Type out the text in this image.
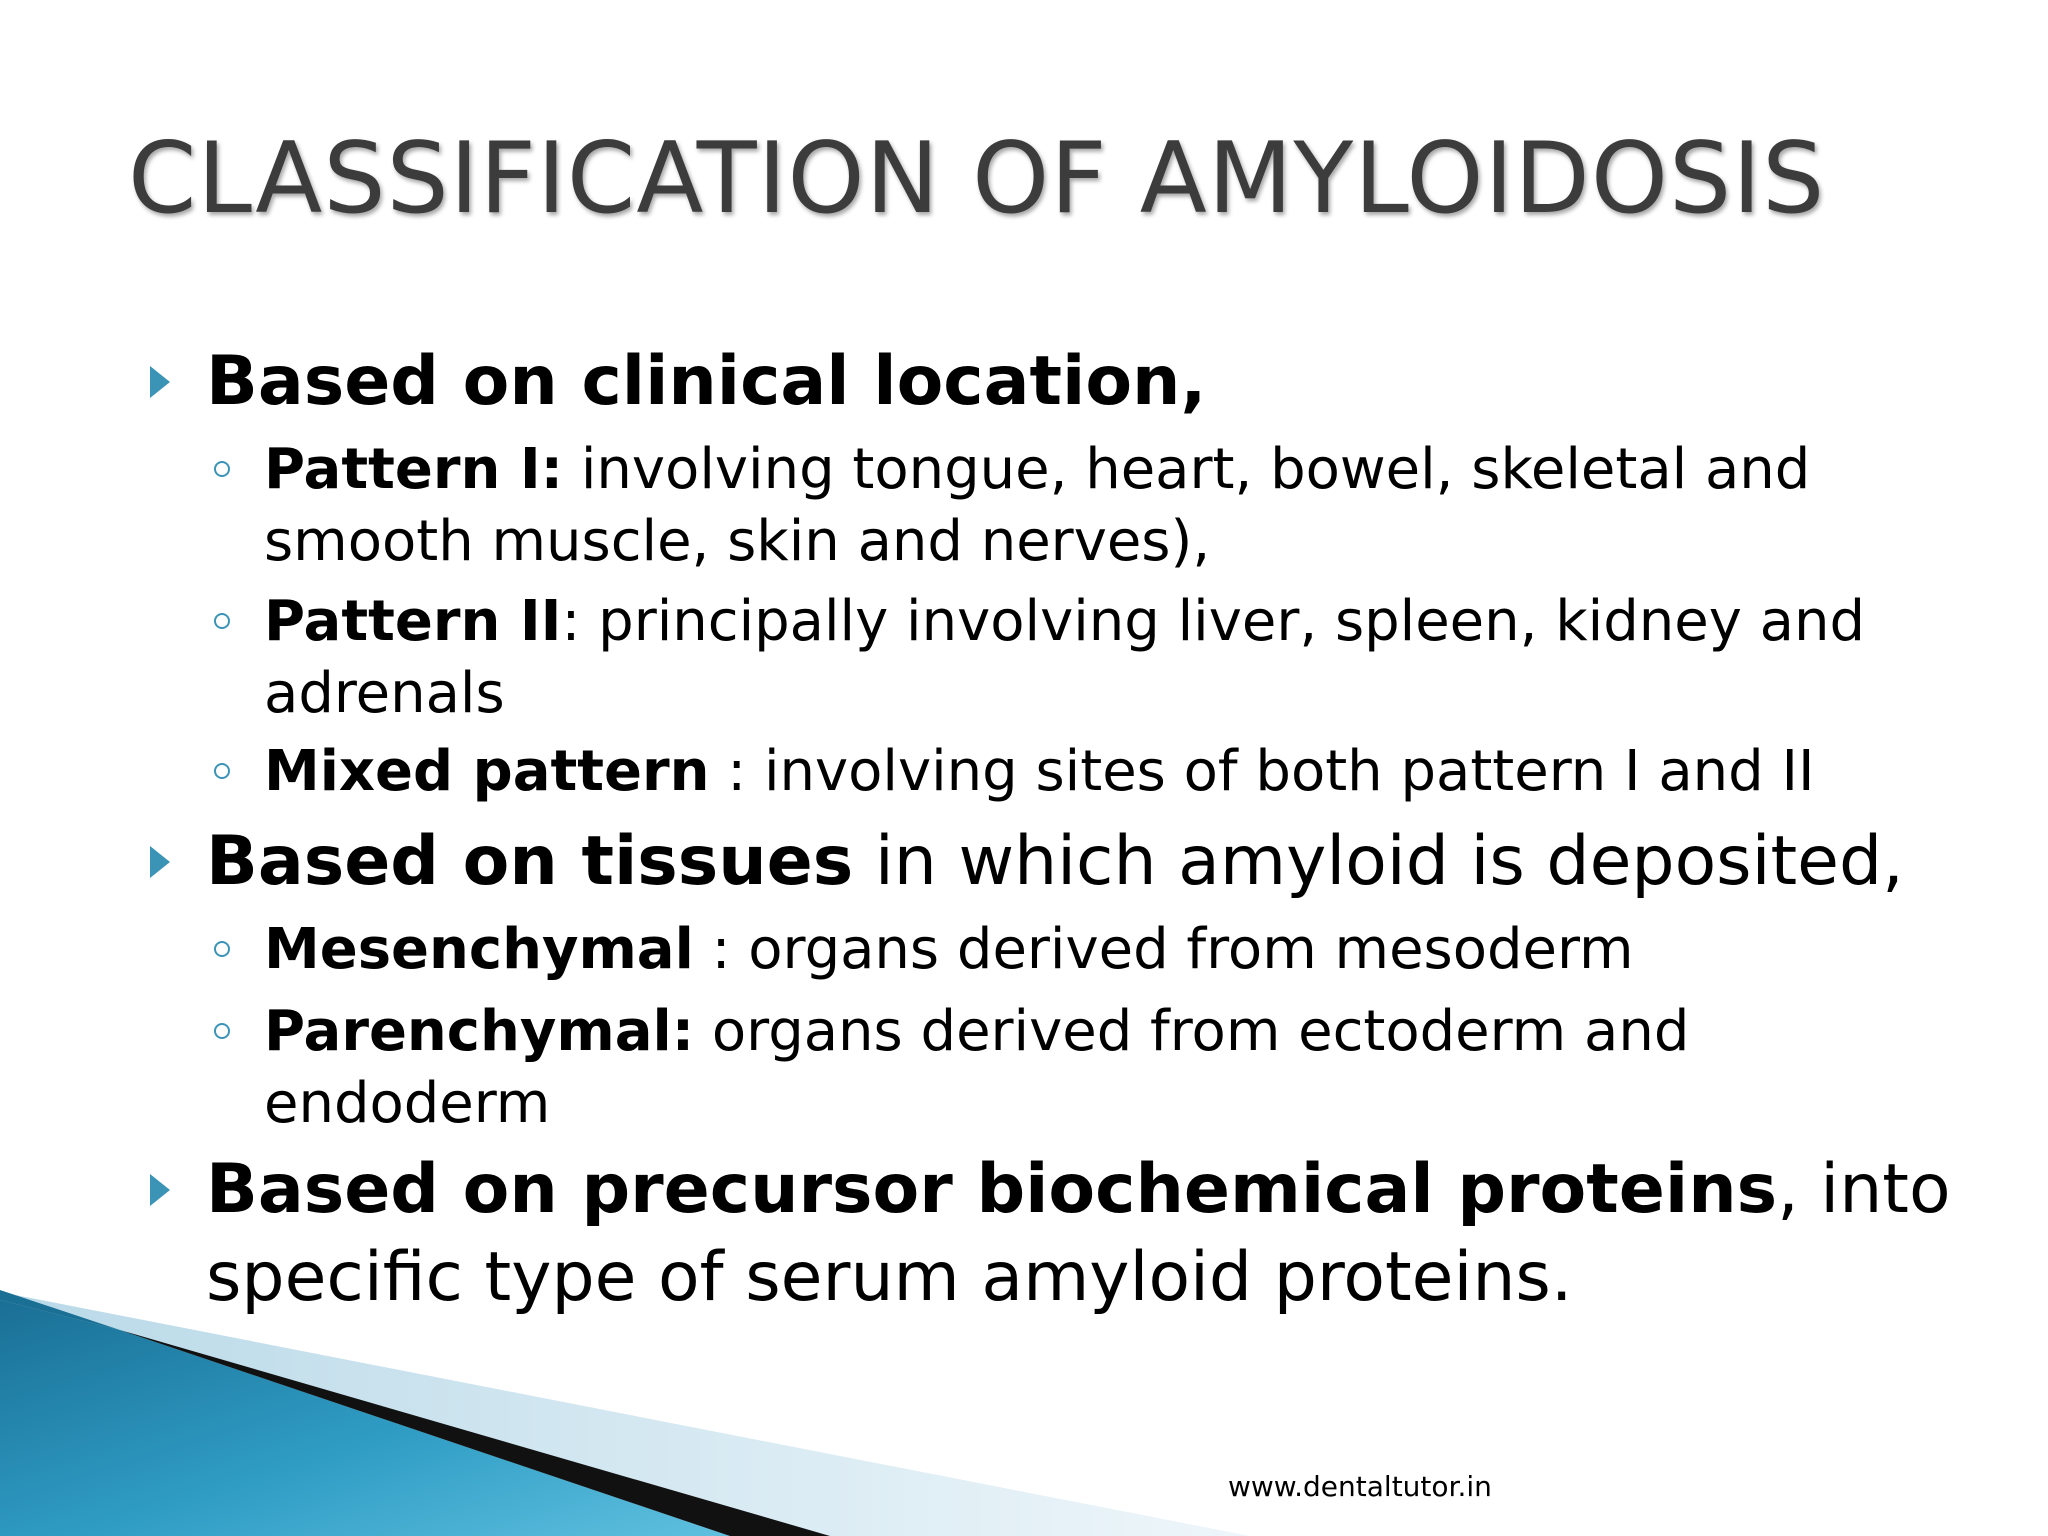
CLASSIFICATION OF AMYLOIDOSIS
Based on clinical location,
Pattern I: involving tongue, heart, bowel, skeletal and smooth muscle, skin and nerves),
Pattern II: principally involving liver, spleen, kidney and adrenals
Mixed pattern : involving sites of both pattern I and II
Based on tissues in which amyloid is deposited,
Mesenchymal : organs derived from mesoderm
Parenchymal: organs derived from ectoderm and endoderm
Based on precursor biochemical proteins, into specific type of serum amyloid proteins.
www.dentaltutor.in
